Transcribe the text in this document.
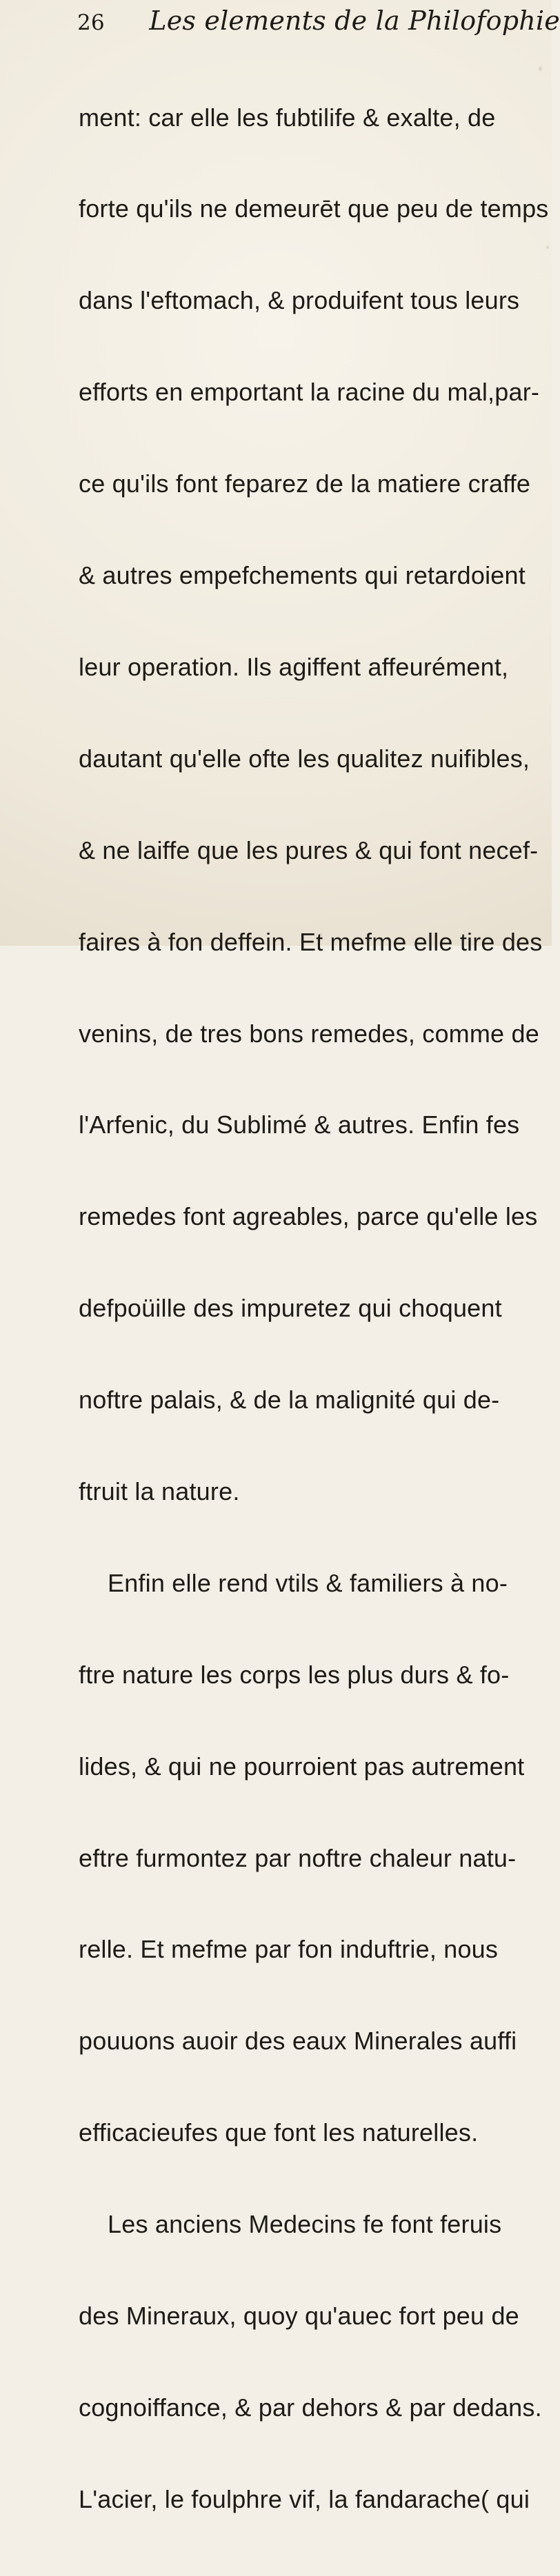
26 Les elements de la Philofophie

ment: car elle les fubtilife & exalte, de

forte qu'ils ne demeurēt que peu de temps

dans l'eftomach, & produifent tous leurs

efforts en emportant la racine du mal,par-

ce qu'ils font feparez de la matiere craffe

& autres empefchements qui retardoient

leur operation. Ils agiffent affeurément,

dautant qu'elle ofte les qualitez nuifibles,

& ne laiffe que les pures & qui font necef-

faires à fon deffein. Et mefme elle tire des

venins, de tres bons remedes, comme de

l'Arfenic, du Sublimé & autres. Enfin fes

remedes font agreables, parce qu'elle les

defpoüille des impuretez qui choquent

noftre palais, & de la malignité qui de-

ftruit la nature.

Enfin elle rend vtils & familiers à no-

ftre nature les corps les plus durs & fo-

lides, & qui ne pourroient pas autrement

eftre furmontez par noftre chaleur natu-

relle. Et mefme par fon induftrie, nous

pouuons auoir des eaux Minerales auffi

efficacieufes que font les naturelles.

Les anciens Medecins fe font feruis

des Mineraux, quoy qu'auec fort peu de

cognoiffance, & par dehors & par dedans.

L'acier, le foulphre vif, la fandarache( qui
